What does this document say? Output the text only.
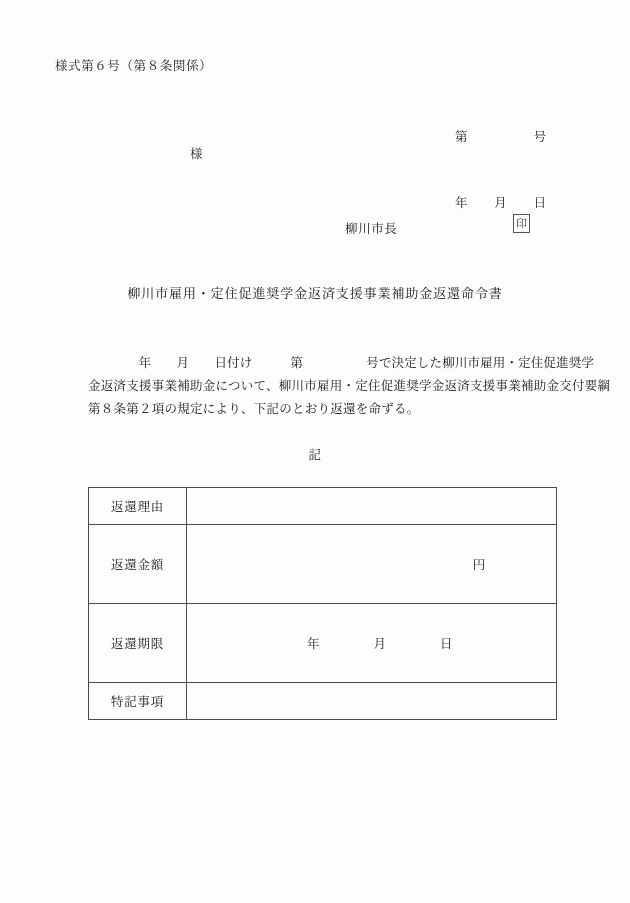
様式第６号（第８条関係）

第　　　　　号

年　　月　　日

様
柳川市長	印
柳川市雇用・定住促進奨学金返済支援事業補助金返還命令書
　　　　年　　月　　日付け　　　第　　　　　号で決定した柳川市雇用・定住促進奨学
金返済支援事業補助金について、柳川市雇用・定住促進奨学金返済支援事業補助金交付要綱
第８条第２項の規定により、下記のとおり返還を命ずる。
記
返還理由	
返還金額	円

返還期限	年　　　　月　　　　日

特記事項	
